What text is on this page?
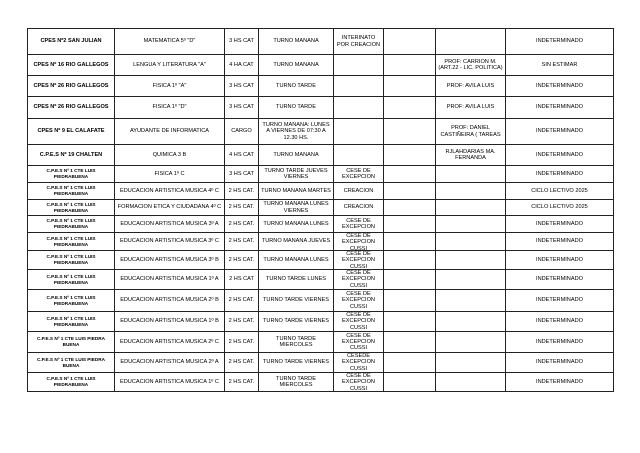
CPES Nº2 SAN JULIAN	MATEMATICA 5º "D"	3 HS CAT	TURNO MAÑANA	INTERINATO POR CREACION			INDETERMINADO

CPES Nº 16 RIO GALLEGOS	LENGUA Y LITERATURA "A"	4 HA CAT	TURNO MAÑANA			PROF: CARRION M. (ART.22 - LIC. POLITICA)	SIN ESTIMAR

CPES Nº 26 RIO GALLEGOS	FISICA 1º "A"	3 HS CAT	TURNO TARDE			PROF: AVILA LUIS	INDETERMINADO

CPES Nº 26 RIO GALLEGOS	FISICA 1º "D"	3 HS CAT	TURNO TARDE			PROF: AVILA LUIS	INDETERMINADO

CPES Nº 9 EL CALAFATE	AYUDANTE DE INFORMATICA	CARGO	TURNO MAÑANA: LUNES A VIERNES DE 07:30 A 12.30 HS.			PROF: DANIEL CASTIÑEIRA ( TAREAS	INDETERMINADO

C.P.E.S Nº 19 CHALTEN	QUIMICA 3 B	4 HS CAT	TURNO MAÑANA			RJLAHDARIAS MA. FERNANDA	INDETERMINADO

C.P.E.S Nº 1 CTE LUIS PIEDRABUENA	FISICA 1º C	3 HS CAT	TURNO TARDE JUEVES VIERNES	CESE DE EXCEPCION			INDETERMINADO

C.P.E.S Nº 1 CTE LUIS PIEDRABUENA	EDUCACION ARTISTICA MUSICA 4º C	2 HS CAT.	TURNO MAÑANA MARTES	CREACION			CICLO LECTIVO 2025

C.P.E.S Nº 1 CTE LUIS PIEDRABUENA	FORMACION ETICA Y CIUDADANA 4º C	2 HS CAT.	TURNO MAÑANA LUNES VIERNES	CREACION			CICLO LECTIVO 2025

C.P.E.S Nº 1 CTE LUIS PIEDRABUENA	EDUCACION ARTISTICA MUSICA 3º A	2 HS CAT.	TURNO MAÑANA LUNES	CESE DE EXCEPCION			INDETERMINADO

C.P.E.S Nº 1 CTE LUIS PIEDRABUENA	EDUCACION ARTISTICA MUSICA 3º C	2 HS CAT.	TURNO MAÑANA JUEVES	CESE DE EXCEPCION CUSSI			INDETERMINADO

C.P.E.S Nº 1 CTE LUIS PIEDRABUENA	EDUCACION ARTISTICA MUSICA 3º B	2 HS CAT.	TURNO MAÑANA LUNES	CESE DE EXCEPCION CUSSI			INDETERMINADO

C.P.E.S Nº 1 CTE LUIS PIEDRABUENA	EDUCACION ARTISTICA MUSICA 1º A	2 HS CAT	TURNO TARDE LUNES	CESE DE EXCEPCION CUSSI			INDETERMINADO

C.P.E.S Nº 1 CTE LUIS PIEDRABUENA	EDUCACION ARTISTICA MUSICA 2º B	2 HS CAT.	TURNO TARDE VIERNES	CESE DE EXCEPCION CUSSI			INDETERMINADO

C.P.E.S Nº 1 CTE LUIS PIEDRABUENA	EDUCACION ARTISTICA MUSICA 1º B	2 HS CAT.	TURNO TARDE VIERNES	CESE DE EXCEPCION CUSSI			INDETERMINADO

C.P.E.S Nº 1 CTE LUIS PIEDRA BUENA	EDUCACION ARTISTICA MUSICA 2º C	2 HS CAT.	TURNO TARDE MIERCOLES	CESE DE EXCEPCION CUSSI			INDETERMINADO

C.P.E.S Nº 1 CTE LUIS PIEDRA BUENA	EDUCACION ARTISTICA MUSICA 2º A	2 HS CAT.	TURNO TARDE VIERNES	CESEDE EXCEPCION CUSSI			INDETERMINADO

C.P.E.S Nº 1 CTE LUIS PIEDRABUENA	EDUCACION ARTISTICA MUSICA 1º C	2 HS CAT.	TURNO TARDE MIERCOLES	CESE DE EXCEPCION CUSSI			INDETERMINADO
